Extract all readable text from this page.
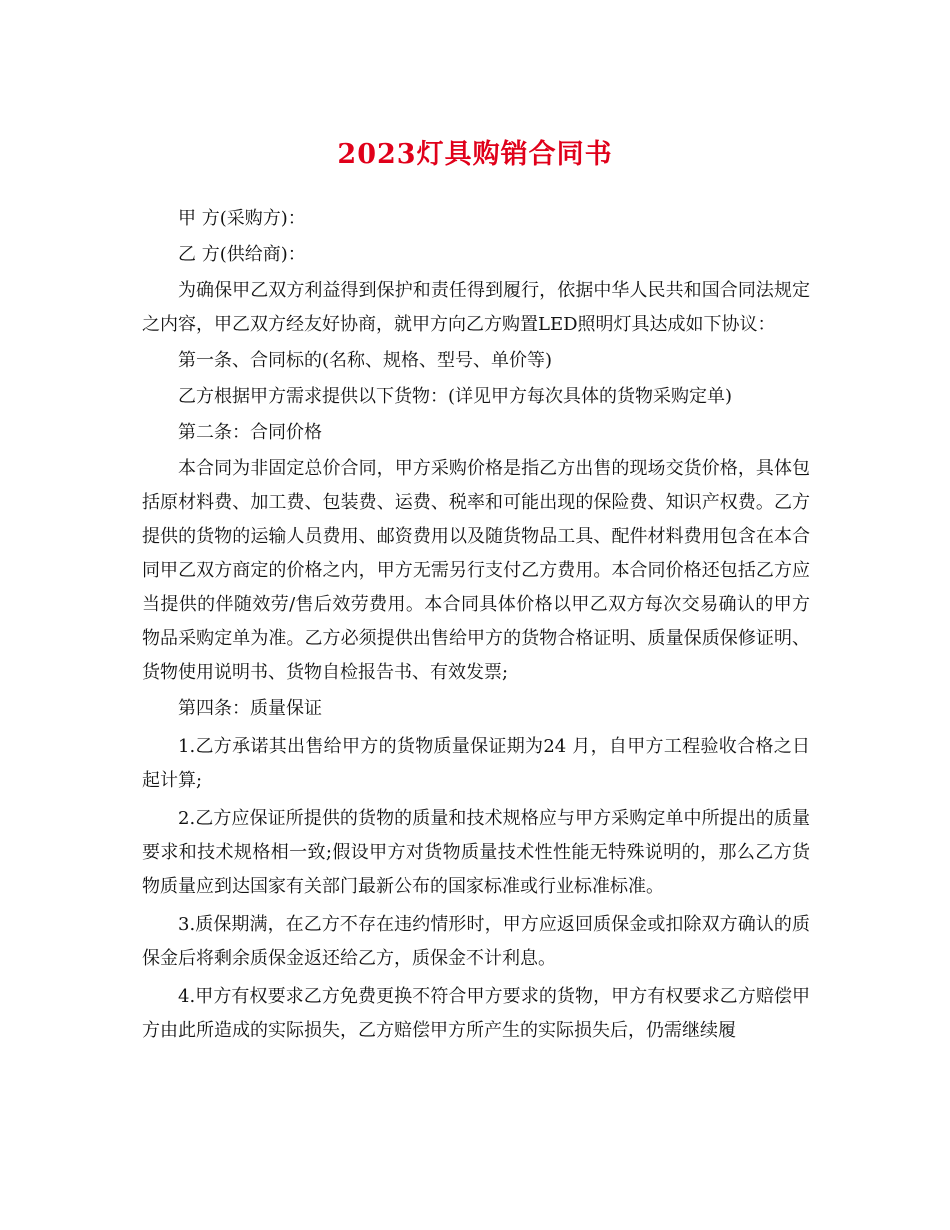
2023灯具购销合同书

甲 方(采购方)：

乙 方(供给商)：

为确保甲乙双方利益得到保护和责任得到履行，依据中华人民共和国合同法规定之内容，甲乙双方经友好协商，就甲方向乙方购置LED照明灯具达成如下协议：

第一条、合同标的(名称、规格、型号、单价等)

乙方根据甲方需求提供以下货物：(详见甲方每次具体的货物采购定单)

第二条：合同价格

本合同为非固定总价合同，甲方采购价格是指乙方出售的现场交货价格，具体包括原材料费、加工费、包装费、运费、税率和可能出现的保险费、知识产权费。乙方提供的货物的运输人员费用、邮资费用以及随货物品工具、配件材料费用包含在本合同甲乙双方商定的价格之内，甲方无需另行支付乙方费用。本合同价格还包括乙方应当提供的伴随效劳/售后效劳费用。本合同具体价格以甲乙双方每次交易确认的甲方物品采购定单为准。乙方必须提供出售给甲方的货物合格证明、质量保质保修证明、货物使用说明书、货物自检报告书、有效发票;

第四条：质量保证

1.乙方承诺其出售给甲方的货物质量保证期为24 月，自甲方工程验收合格之日起计算;

2.乙方应保证所提供的货物的质量和技术规格应与甲方采购定单中所提出的质量要求和技术规格相一致;假设甲方对货物质量技术性性能无特殊说明的，那么乙方货物质量应到达国家有关部门最新公布的国家标准或行业标准标准。

3.质保期满，在乙方不存在违约情形时，甲方应返回质保金或扣除双方确认的质保金后将剩余质保金返还给乙方，质保金不计利息。

4.甲方有权要求乙方免费更换不符合甲方要求的货物，甲方有权要求乙方赔偿甲方由此所造成的实际损失，乙方赔偿甲方所产生的实际损失后，仍需继续履
